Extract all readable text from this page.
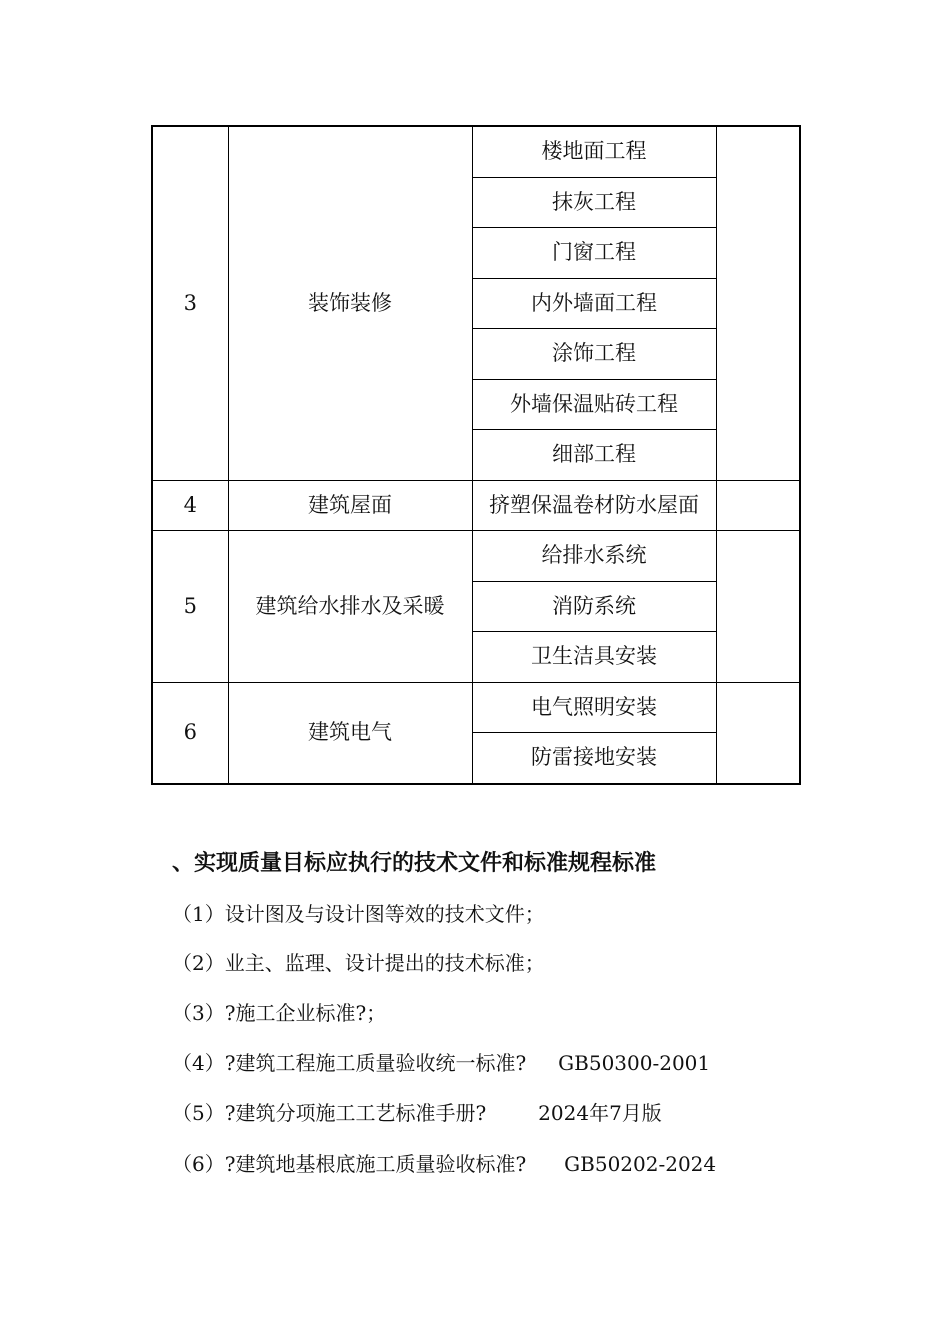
3	装饰装修	楼地面工程	
		抹灰工程	
		门窗工程	
		内外墙面工程	
		涂饰工程	
		外墙保温贴砖工程	
		细部工程	
4	建筑屋面	挤塑保温卷材防水屋面	
5	建筑给水排水及采暖	给排水系统	
		消防系统	
		卫生洁具安装	
6	建筑电气	电气照明安装	
		防雷接地安装	
、实现质量目标应执行的技术文件和标准规程标准
（1）设计图及与设计图等效的技术文件；
（2）业主、监理、设计提出的技术标准；
（3）?施工企业标准?；
（4）?建筑工程施工质量验收统一标准? GB50300-2001
（5）?建筑分项施工工艺标准手册?	2024年7月版
（6）?建筑地基根底施工质量验收标准? GB50202-2024
